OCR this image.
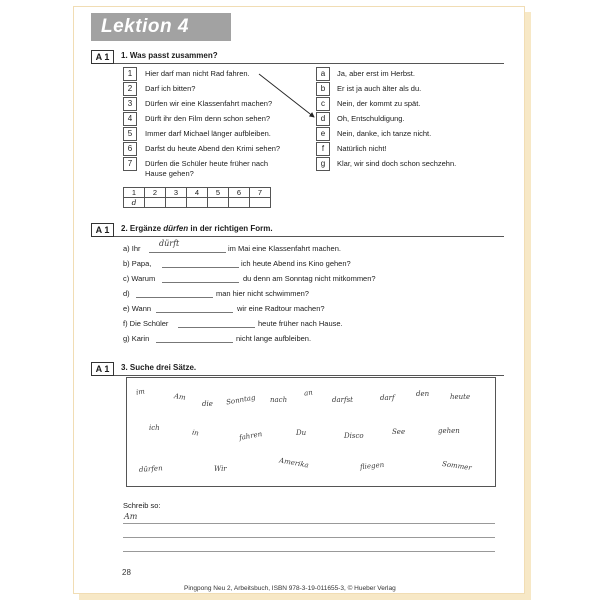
Lektion 4
A 1	1. Was passt zusammen?
1	Hier darf man nicht Rad fahren.
2	Darf ich bitten?
3	Dürfen wir eine Klassenfahrt machen?
4	Dürft ihr den Film denn schon sehen?
5	Immer darf Michael länger aufbleiben.
6	Darfst du heute Abend den Krimi sehen?
7	Dürfen die Schüler heute früher nach
Hause gehen?
a	Ja, aber erst im Herbst.
b	Er ist ja auch älter als du.
c	Nein, der kommt zu spät.
d	Oh, Entschuldigung.
e	Nein, danke, ich tanze nicht.
f	Natürlich nicht!
g	Klar, wir sind doch schon sechzehn.
1	2	3	4	5	6	7
d						
A 1	2. Ergänze dürfen in der richtigen Form.
a) Ihr
dürft
im Mai eine Klassenfahrt machen.
b) Papa,	ich heute Abend ins Kino gehen?
c) Warum	du denn am Sonntag nicht mitkommen?
d)	man hier nicht schwimmen?
e) Wann	wir eine Radtour machen?
f) Die Schüler	heute früher nach Hause.
g) Karin	nicht lange aufbleiben.
A 1	3. Suche drei Sätze.
im
Am
die Sonntag nach
an
darfst	darf	den	heute
ich
in	fahren	Du	Disco	See	gehen
dürfen	Wir	Amerika	fliegen	Sommer
Schreib so:
Am
28
Pingpong Neu 2, Arbeitsbuch, ISBN 978-3-19-011655-3, © Hueber Verlag
